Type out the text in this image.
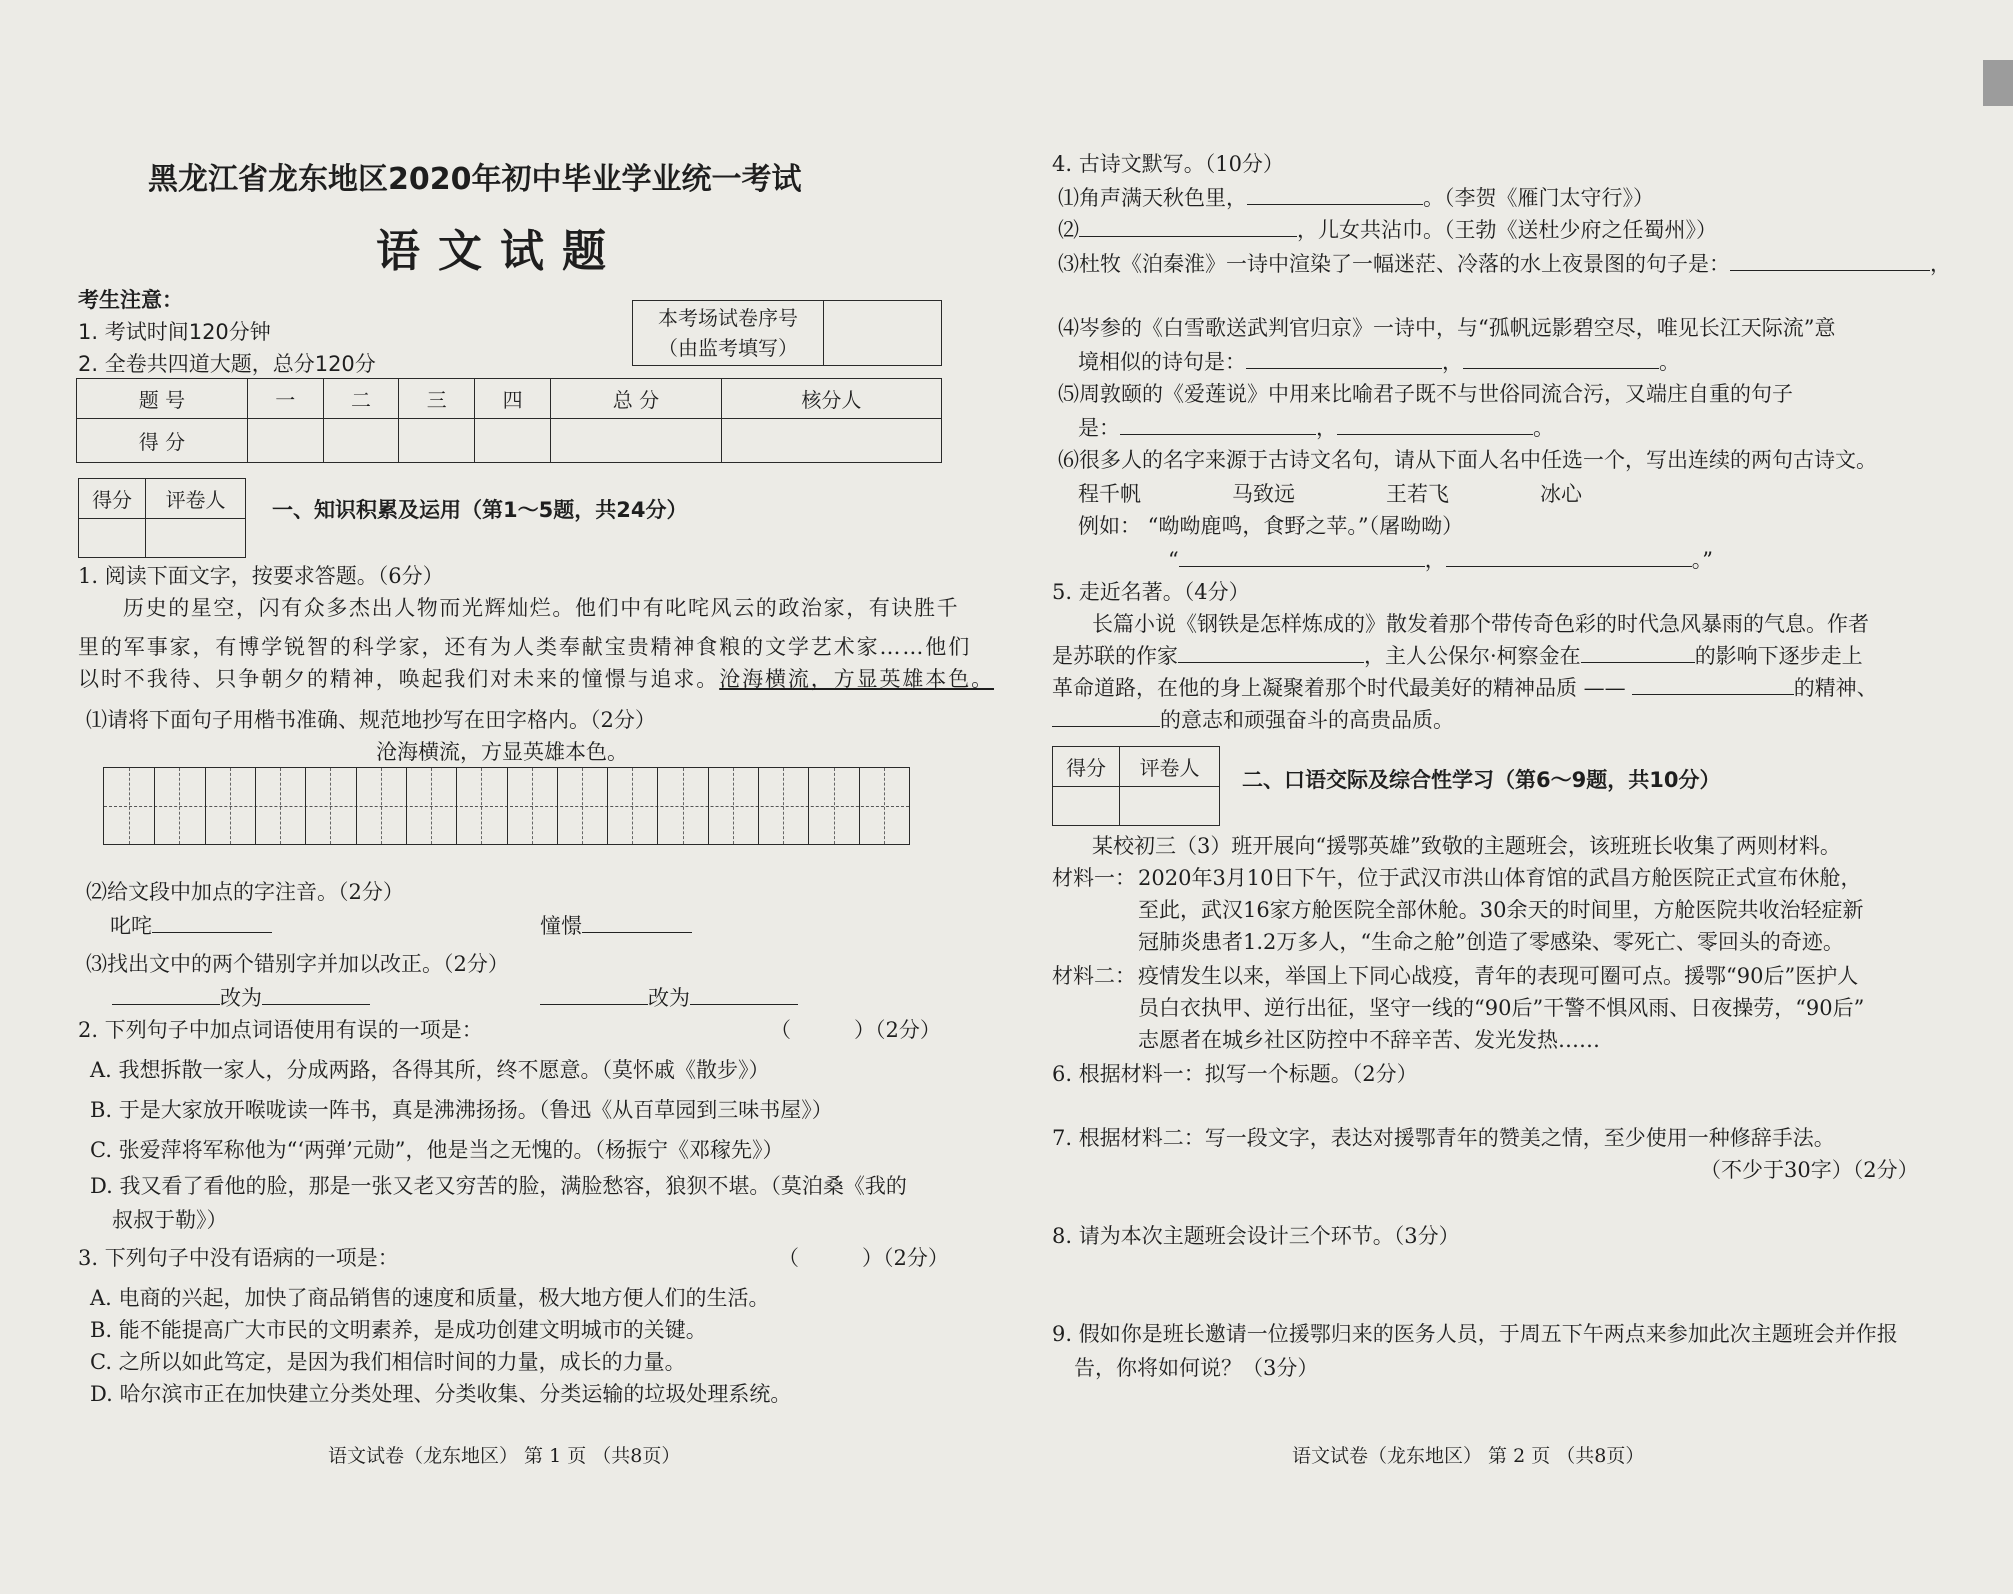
黑龙江省龙东地区2020年初中毕业学业统一考试
语文试题
考生注意：
1. 考试时间120分钟
2. 全卷共四道大题，总分120分
本考场试卷序号
（由监考填写）

题 号	一	二	三	四	总 分	核分人
得 分						
得分	评卷人
	一、知识积累及运用（第1～5题，共24分）
1. 阅读下面文字，按要求答题。（6分）
历史的星空，闪有众多杰出人物而光辉灿烂。他们中有叱咤风云的政治家，有诀胜千
里的军事家，有博学锐智的科学家，还有为人类奉献宝贵精神食粮的文学艺术家……他们
以时不我待、只争朝夕的精神，唤起我们对未来的憧憬与追求。沧海横流，方显英雄本色。
⑴请将下面句子用楷书准确、规范地抄写在田字格内。（2分）
沧海横流，方显英雄本色。
⑵给文段中加点的字注音。（2分）
叱咤	憧憬
⑶找出文中的两个错别字并加以改正。（2分）
改为	改为
2. 下列句子中加点词语使用有误的一项是：	（　　　）（2分）
A. 我想拆散一家人，分成两路，各得其所，终不愿意。（莫怀戚《散步》）
B. 于是大家放开喉咙读一阵书，真是沸沸扬扬。（鲁迅《从百草园到三味书屋》）
C. 张爱萍将军称他为“‘两弹’元勋”，他是当之无愧的。（杨振宁《邓稼先》）
D. 我又看了看他的脸，那是一张又老又穷苦的脸，满脸愁容，狼狈不堪。（莫泊桑《我的
叔叔于勒》）
3. 下列句子中没有语病的一项是：	（　　　）（2分）
A. 电商的兴起，加快了商品销售的速度和质量，极大地方便人们的生活。
B. 能不能提高广大市民的文明素养，是成功创建文明城市的关键。
C. 之所以如此笃定，是因为我们相信时间的力量，成长的力量。
D. 哈尔滨市正在加快建立分类处理、分类收集、分类运输的垃圾处理系统。
语文试卷（龙东地区） 第 1 页 （共8页）
4. 古诗文默写。（10分）
⑴角声满天秋色里，	。（李贺《雁门太守行》）
⑵	，儿女共沾巾。（王勃《送杜少府之任蜀州》）
⑶杜牧《泊秦淮》一诗中渲染了一幅迷茫、冷落的水上夜景图的句子是：	，
⑷岑参的《白雪歌送武判官归京》一诗中，与“孤帆远影碧空尽，唯见长江天际流”意
境相似的诗句是：	，	。
⑸周敦颐的《爱莲说》中用来比喻君子既不与世俗同流合污，又端庄自重的句子
是：	，	。
⑹很多人的名字来源于古诗文名句，请从下面人名中任选一个，写出连续的两句古诗文。
程千帆	马致远	王若飞	冰心
例如： “呦呦鹿鸣，食野之苹。”（屠呦呦）
“	，	。”
5. 走近名著。（4分）
长篇小说《钢铁是怎样炼成的》散发着那个带传奇色彩的时代急风暴雨的气息。作者
是苏联的作家	，主人公保尔·柯察金在	的影响下逐步走上
革命道路，在他的身上凝聚着那个时代最美好的精神品质 ——	的精神、
的意志和顽强奋斗的高贵品质。
得分	评卷人
	二、口语交际及综合性学习（第6～9题，共10分）
某校初三（3）班开展向“援鄂英雄”致敬的主题班会，该班班长收集了两则材料。
材料一： 2020年3月10日下午，位于武汉市洪山体育馆的武昌方舱医院正式宣布休舱，
至此，武汉16家方舱医院全部休舱。30余天的时间里，方舱医院共收治轻症新
冠肺炎患者1.2万多人，“生命之舱”创造了零感染、零死亡、零回头的奇迹。
材料二： 疫情发生以来，举国上下同心战疫，青年的表现可圈可点。援鄂“90后”医护人
员白衣执甲、逆行出征，坚守一线的“90后”干警不惧风雨、日夜操劳，“90后”
志愿者在城乡社区防控中不辞辛苦、发光发热……
6. 根据材料一：拟写一个标题。（2分）
7. 根据材料二：写一段文字，表达对援鄂青年的赞美之情，至少使用一种修辞手法。
（不少于30字）（2分）
8. 请为本次主题班会设计三个环节。（3分）
9. 假如你是班长邀请一位援鄂归来的医务人员，于周五下午两点来参加此次主题班会并作报
告，你将如何说？（3分）
语文试卷（龙东地区） 第 2 页 （共8页）
